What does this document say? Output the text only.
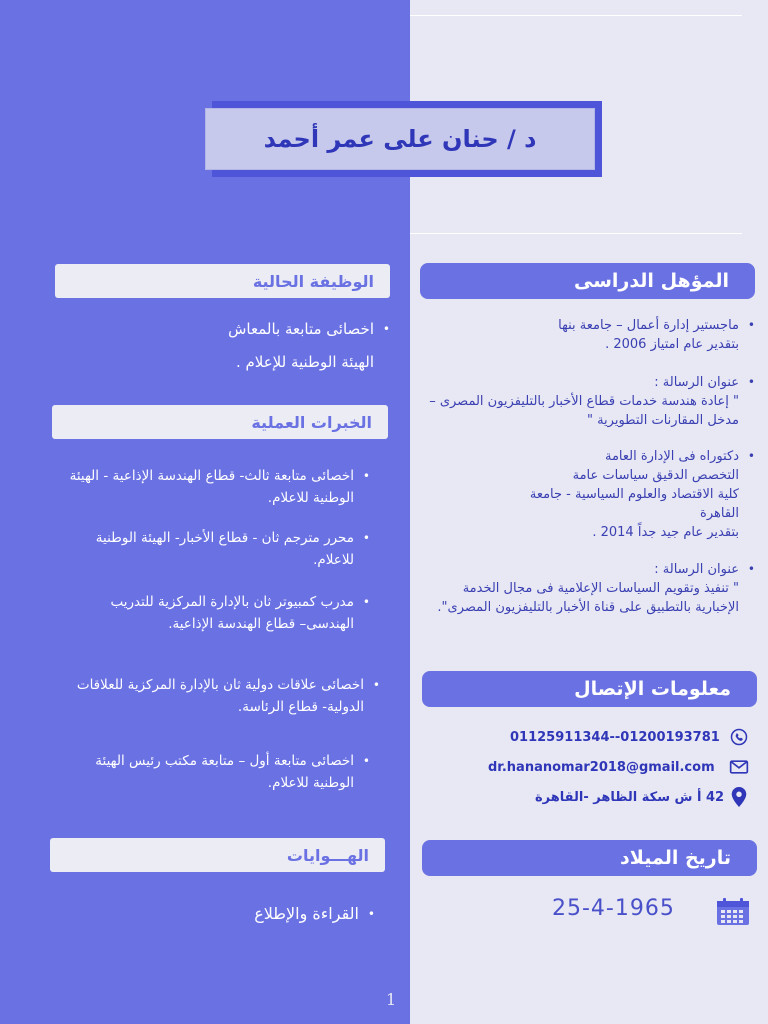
د / حنان على عمر أحمد
الوظيفة الحالية
•
اخصائى متابعة بالمعاش
الهيئة الوطنية للإعلام .
الخبرات العملية
•
اخصائى متابعة ثالث- قطاع الهندسة الإذاعية - الهيئة الوطنية للاعلام.
•
محرر مترجم ثان - قطاع الأخبار- الهيئة الوطنية للاعلام.
•
مدرب كمبيوتر ثان بالإدارة المركزية للتدريب الهندسى– قطاع الهندسة الإذاعية.
•
اخصائى علاقات دولية ثان بالإدارة المركزية للعلاقات الدولية- قطاع الرئاسة.
•
اخصائى متابعة أول – متابعة مكتب رئيس الهيئة الوطنية للاعلام.
الهـــوايات
•
القراءة والإطلاع
المؤهل الدراسى
•
ماجستير إدارة أعمال – جامعة بنها
بتقدير عام امتياز 2006 .
•
عنوان الرسالة :
" إعادة هندسة خدمات قطاع الأخبار بالتليفزيون المصرى – مدخل المقارنات التطويرية "
•
دكتوراه فى الإدارة العامة
التخصص الدقيق سياسات عامة
كلية الاقتصاد والعلوم السياسية - جامعة القاهرة
بتقدير عام جيد جداً 2014 .
•
عنوان الرسالة :
" تنفيذ وتقويم السياسات الإعلامية فى مجال الخدمة الإخبارية بالتطبيق على قناة الأخبار بالتليفزيون المصرى".
معلومات الإتصال
01125911344--01200193781
dr.hananomar2018@gmail.com
42 أ ش سكة الظاهر -القاهرة
تاريخ الميلاد
25-4-1965
1
